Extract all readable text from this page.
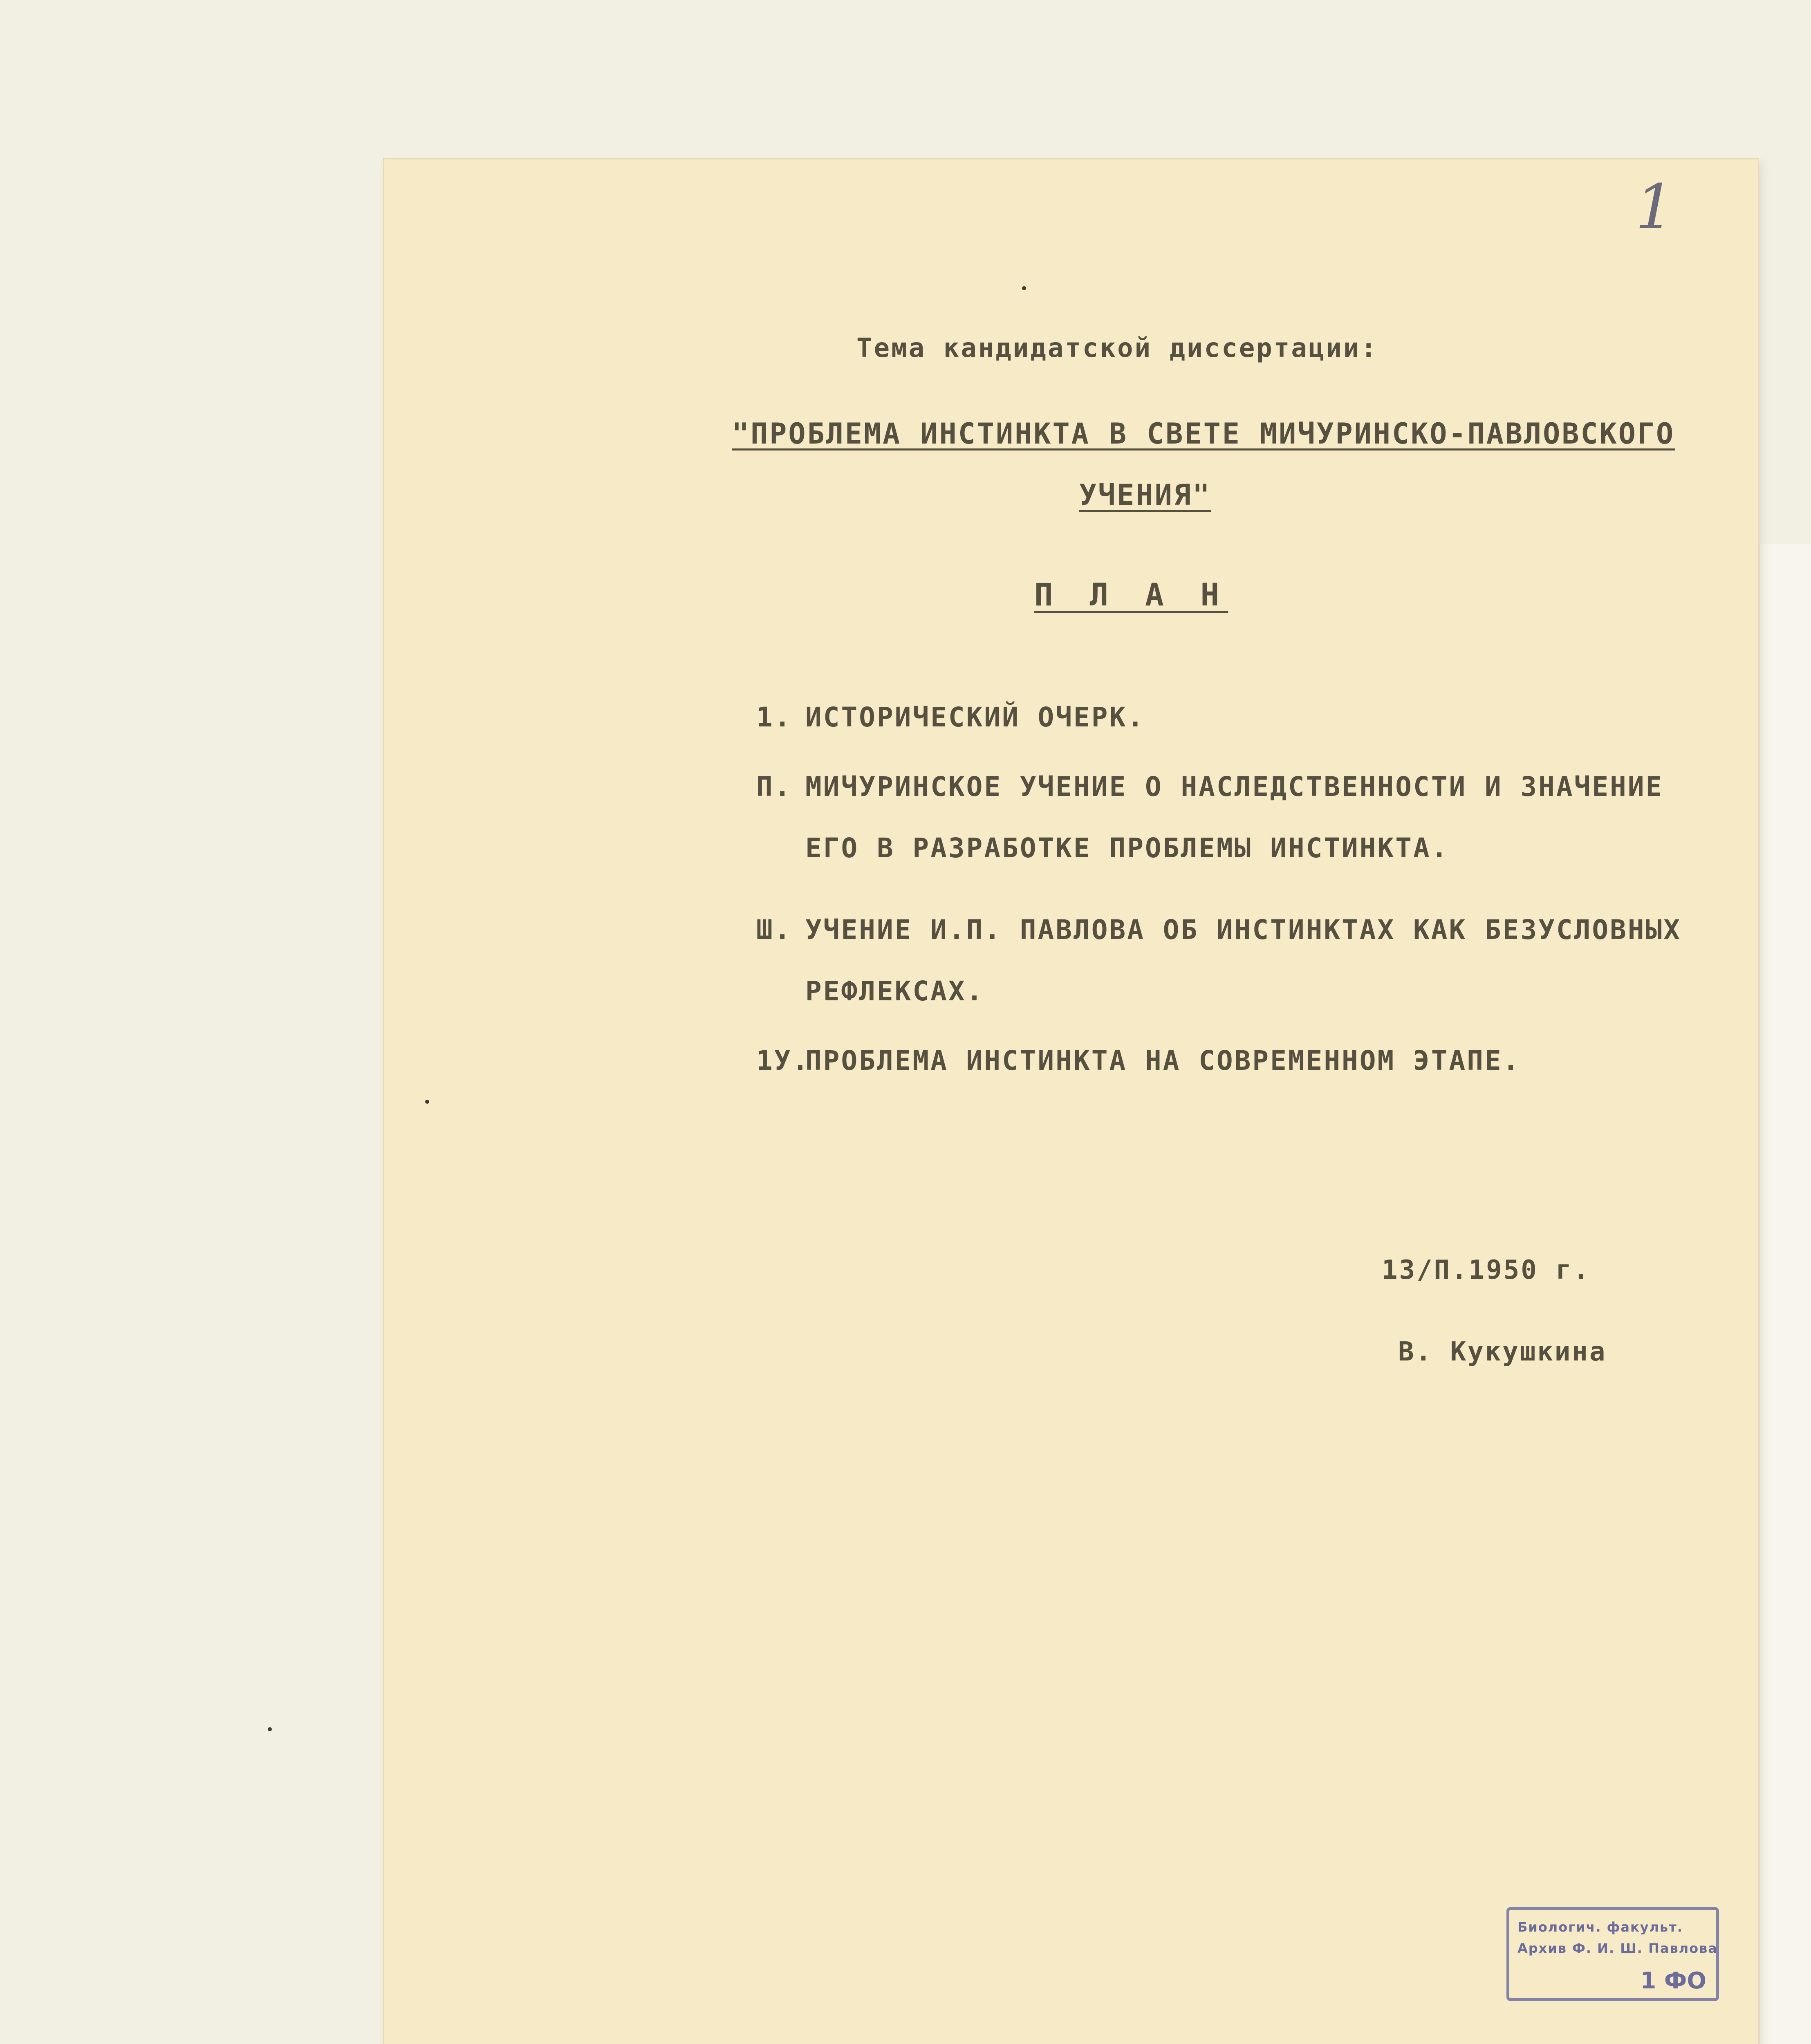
1

Тема кандидатской диссертации:

"ПРОБЛЕМА ИНСТИНКТА В СВЕТЕ МИЧУРИНСКО-ПАВЛОВСКОГО

УЧЕНИЯ"

П Л А Н

1. ИСТОРИЧЕСКИЙ ОЧЕРК.
П. МИЧУРИНСКОЕ УЧЕНИЕ О НАСЛЕДСТВЕННОСТИ И ЗНАЧЕНИЕ ЕГО В РАЗРАБОТКЕ ПРОБЛЕМЫ ИНСТИНКТА.
Ш. УЧЕНИЕ И.П. ПАВЛОВА ОБ ИНСТИНКТАХ КАК БЕЗУСЛОВНЫХ РЕФЛЕКСАХ.
1У.ПРОБЛЕМА ИНСТИНКТА НА СОВРЕМЕННОМ ЭТАПЕ.

13/П.1950 г.

В. Кукушкина

Биологич. факульт.
Архив Ф. И. Ш. Павлова
1 ФО
